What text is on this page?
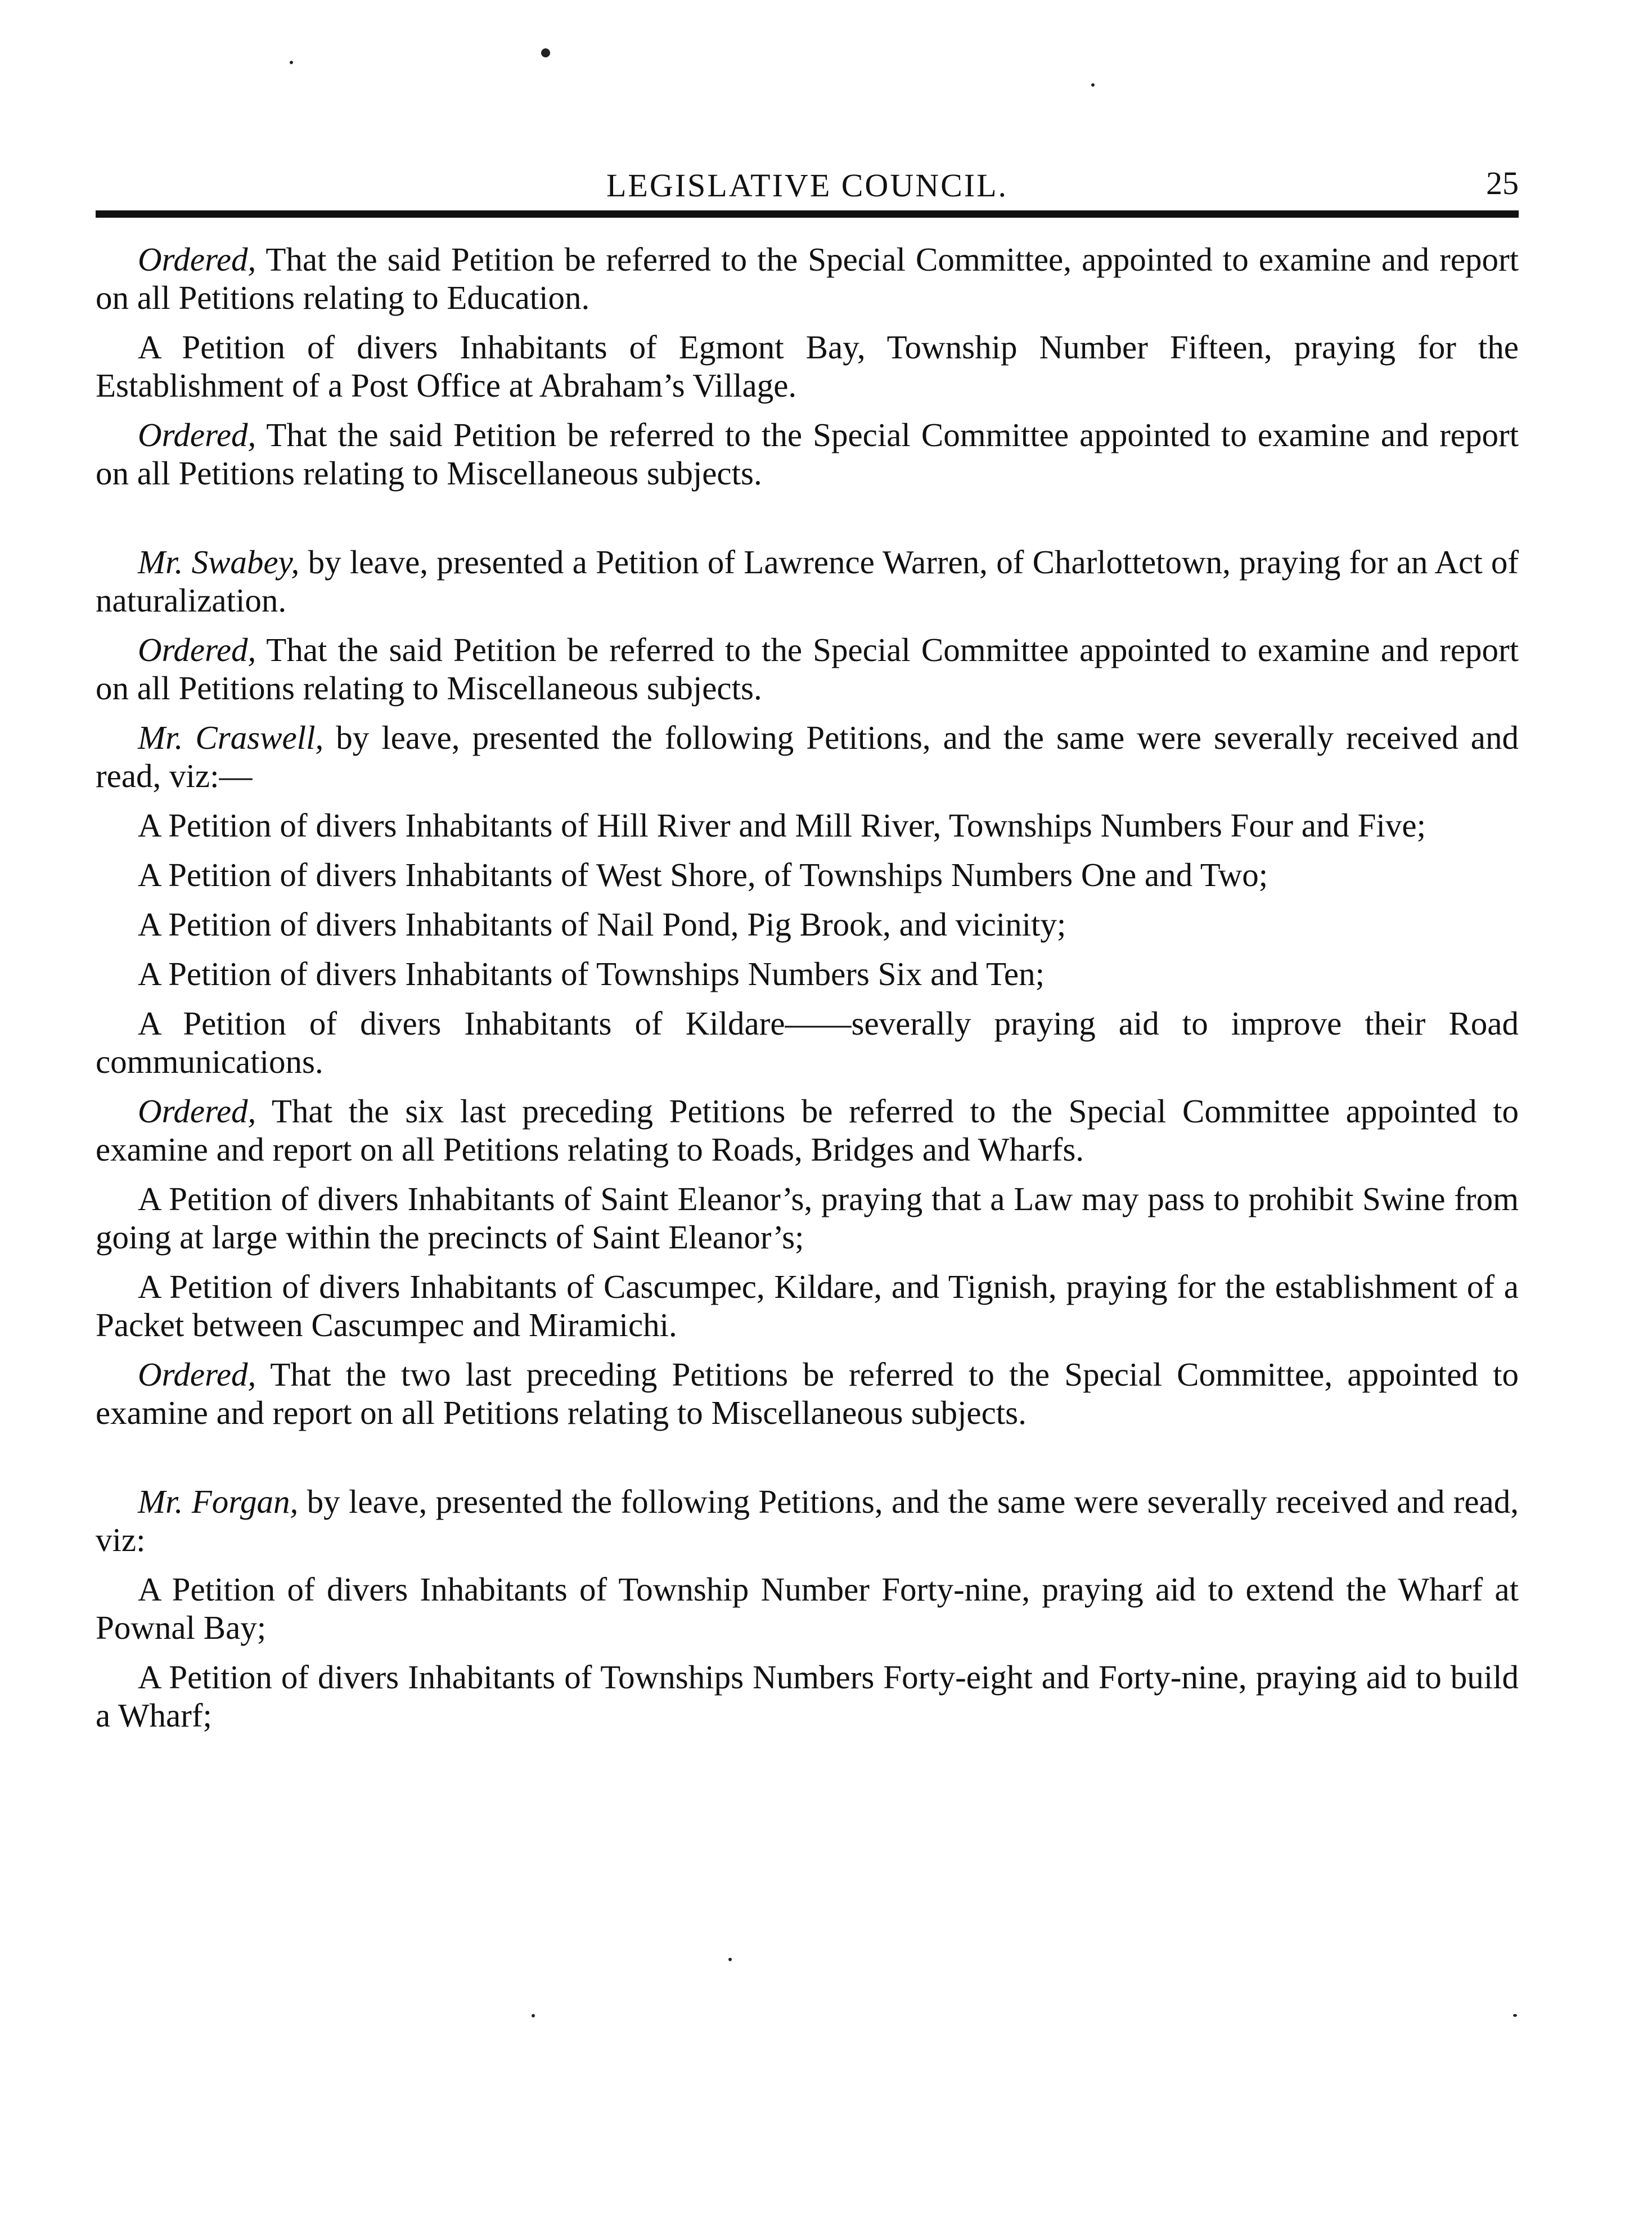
LEGISLATIVE COUNCIL.	25

Ordered, That the said Petition be referred to the Special Committee, appointed to examine and report on all Petitions relating to Education.

A Petition of divers Inhabitants of Egmont Bay, Township Number Fifteen, praying for the Establishment of a Post Office at Abraham’s Village.

Ordered, That the said Petition be referred to the Special Committee appointed to examine and report on all Petitions relating to Miscellaneous subjects.

Mr. Swabey, by leave, presented a Petition of Lawrence Warren, of Charlottetown, praying for an Act of naturalization.

Ordered, That the said Petition be referred to the Special Committee appointed to examine and report on all Petitions relating to Miscellaneous subjects.

Mr. Craswell, by leave, presented the following Petitions, and the same were severally received and read, viz:—

A Petition of divers Inhabitants of Hill River and Mill River, Townships Numbers Four and Five;

A Petition of divers Inhabitants of West Shore, of Townships Numbers One and Two;

A Petition of divers Inhabitants of Nail Pond, Pig Brook, and vicinity;

A Petition of divers Inhabitants of Townships Numbers Six and Ten;

A Petition of divers Inhabitants of Kildare——severally praying aid to improve their Road communications.

Ordered, That the six last preceding Petitions be referred to the Special Committee appointed to examine and report on all Petitions relating to Roads, Bridges and Wharfs.

A Petition of divers Inhabitants of Saint Eleanor’s, praying that a Law may pass to prohibit Swine from going at large within the precincts of Saint Eleanor’s;

A Petition of divers Inhabitants of Cascumpec, Kildare, and Tignish, praying for the establishment of a Packet between Cascumpec and Miramichi.

Ordered, That the two last preceding Petitions be referred to the Special Committee, appointed to examine and report on all Petitions relating to Miscellaneous subjects.

Mr. Forgan, by leave, presented the following Petitions, and the same were severally received and read, viz:

A Petition of divers Inhabitants of Township Number Forty-nine, praying aid to extend the Wharf at Pownal Bay;

A Petition of divers Inhabitants of Townships Numbers Forty-eight and Forty-nine, praying aid to build a Wharf;
